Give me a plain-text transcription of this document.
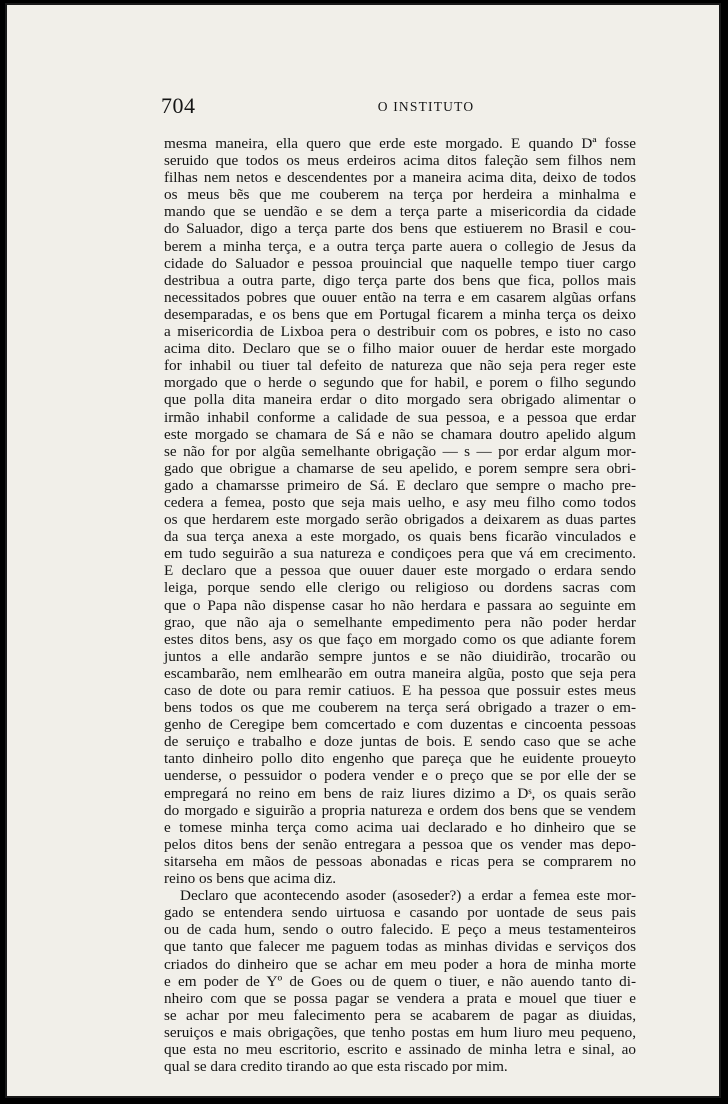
704	O INSTITUTO
mesma maneira, ella quero que erde este morgado. E quando Dª fosse
seruido que todos os meus erdeiros acima ditos faleção sem filhos nem
filhas nem netos e descendentes por a maneira acima dita, deixo de todos
os meus bẽs que me couberem na terça por herdeira a minhalma e
mando que se uendão e se dem a terça parte a misericordia da cidade
do Saluador, digo a terça parte dos bens que estiuerem no Brasil e cou-
berem a minha terça, e a outra terça parte auera o collegio de Jesus da
cidade do Saluador e pessoa prouincial que naquelle tempo tiuer cargo
destribua a outra parte, digo terça parte dos bens que fica, pollos mais
necessitados pobres que ouuer então na terra e em casarem algũas orfans
desemparadas, e os bens que em Portugal ficarem a minha terça os deixo
a misericordia de Lixboa pera o destribuir com os pobres, e isto no caso
acima dito. Declaro que se o filho maior ouuer de herdar este morgado
for inhabil ou tiuer tal defeito de natureza que não seja pera reger este
morgado que o herde o segundo que for habil, e porem o filho segundo
que polla dita maneira erdar o dito morgado sera obrigado alimentar o
irmão inhabil conforme a calidade de sua pessoa, e a pessoa que erdar
este morgado se chamara de Sá e não se chamara doutro apelido algum
se não for por algũa semelhante obrigação — s — por erdar algum mor-
gado que obrigue a chamarse de seu apelido, e porem sempre sera obri-
gado a chamarsse primeiro de Sá. E declaro que sempre o macho pre-
cedera a femea, posto que seja mais uelho, e asy meu filho como todos
os que herdarem este morgado serão obrigados a deixarem as duas partes
da sua terça anexa a este morgado, os quais bens ficarão vinculados e
em tudo seguirão a sua natureza e condiçoes pera que vá em crecimento.
E declaro que a pessoa que ouuer dauer este morgado o erdara sendo
leiga, porque sendo elle clerigo ou religioso ou dordens sacras com
que o Papa não dispense casar ho não herdara e passara ao seguinte em
grao, que não aja o semelhante empedimento pera não poder herdar
estes ditos bens, asy os que faço em morgado como os que adiante forem
juntos a elle andarão sempre juntos e se não diuidirão, trocarão ou
escambarão, nem emlhearão em outra maneira algũa, posto que seja pera
caso de dote ou para remir catiuos. E ha pessoa que possuir estes meus
bens todos os que me couberem na terça será obrigado a trazer o em-
genho de Ceregipe bem comcertado e com duzentas e cincoenta pessoas
de seruiço e trabalho e doze juntas de bois. E sendo caso que se ache
tanto dinheiro pollo dito engenho que pareça que he euidente proueyto
uenderse, o pessuidor o podera vender e o preço que se por elle der se
empregará no reino em bens de raiz liures dizimo a Dˢ, os quais serão
do morgado e siguirão a propria natureza e ordem dos bens que se vendem
e tomese minha terça como acima uai declarado e ho dinheiro que se
pelos ditos bens der senão entregara a pessoa que os vender mas depo-
sitarseha em mãos de pessoas abonadas e ricas pera se comprarem no
reino os bens que acima diz.
Declaro que acontecendo asoder (asoseder?) a erdar a femea este mor-
gado se entendera sendo uirtuosa e casando por uontade de seus pais
ou de cada hum, sendo o outro falecido. E peço a meus testamenteiros
que tanto que falecer me paguem todas as minhas dividas e serviços dos
criados do dinheiro que se achar em meu poder a hora de minha morte
e em poder de Yº de Goes ou de quem o tiuer, e não auendo tanto di-
nheiro com que se possa pagar se vendera a prata e mouel que tiuer e
se achar por meu falecimento pera se acabarem de pagar as diuidas,
seruiços e mais obrigações, que tenho postas em hum liuro meu pequeno,
que esta no meu escritorio, escrito e assinado de minha letra e sinal, ao
qual se dara credito tirando ao que esta riscado por mim.
